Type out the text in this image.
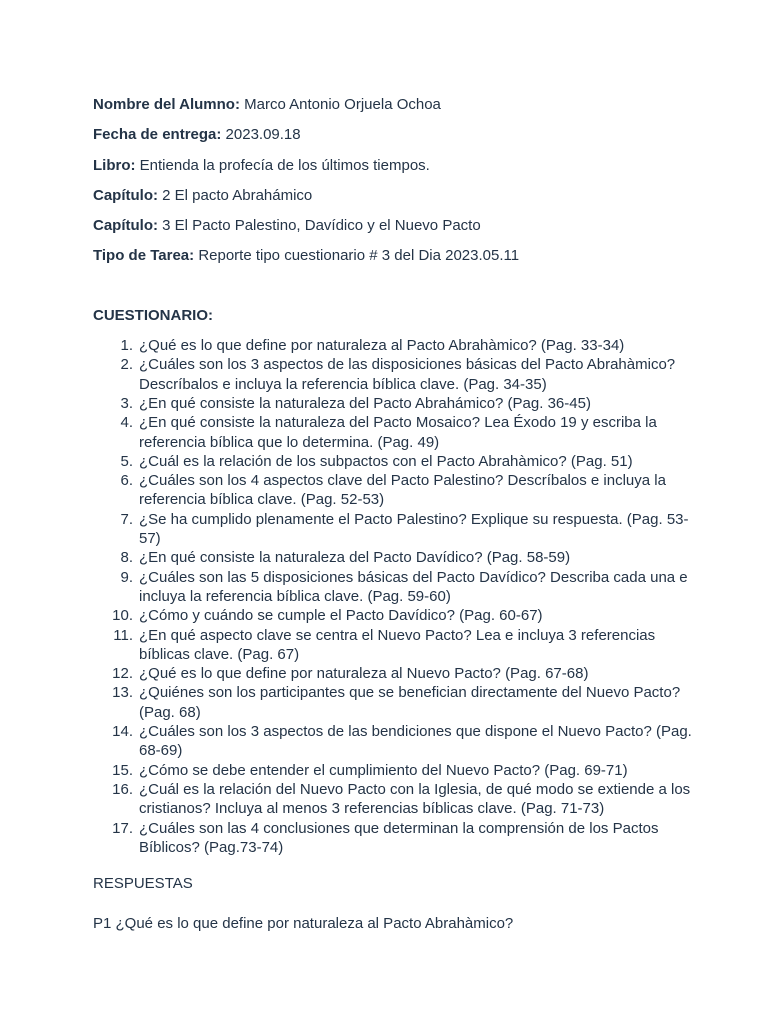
Nombre del Alumno: Marco Antonio Orjuela Ochoa
Fecha de entrega: 2023.09.18
Libro: Entienda la profecía de los últimos tiempos.
Capítulo: 2 El pacto Abrahámico
Capítulo: 3 El Pacto Palestino, Davídico y el Nuevo Pacto
Tipo de Tarea: Reporte tipo cuestionario # 3 del Dia 2023.05.11
CUESTIONARIO:
1. ¿Qué es lo que define por naturaleza al Pacto Abrahàmico? (Pag. 33-34)
2. ¿Cuáles son los 3 aspectos de las disposiciones básicas del Pacto Abrahàmico? Descríbalos e incluya la referencia bíblica clave. (Pag. 34-35)
3. ¿En qué consiste la naturaleza del Pacto Abrahámico? (Pag. 36-45)
4. ¿En qué consiste la naturaleza del Pacto Mosaico? Lea Éxodo 19 y escriba la referencia bíblica que lo determina. (Pag. 49)
5. ¿Cuál es la relación de los subpactos con el Pacto Abrahàmico? (Pag. 51)
6. ¿Cuáles son los 4 aspectos clave del Pacto Palestino? Descríbalos e incluya la referencia bíblica clave. (Pag. 52-53)
7. ¿Se ha cumplido plenamente el Pacto Palestino? Explique su respuesta. (Pag. 53-57)
8. ¿En qué consiste la naturaleza del Pacto Davídico? (Pag. 58-59)
9. ¿Cuáles son las 5 disposiciones básicas del Pacto Davídico? Describa cada una e incluya la referencia bíblica clave. (Pag. 59-60)
10. ¿Cómo y cuándo se cumple el Pacto Davídico? (Pag. 60-67)
11. ¿En qué aspecto clave se centra el Nuevo Pacto? Lea e incluya 3 referencias bíblicas clave. (Pag. 67)
12. ¿Qué es lo que define por naturaleza al Nuevo Pacto? (Pag. 67-68)
13. ¿Quiénes son los participantes que se benefician directamente del Nuevo Pacto? (Pag. 68)
14. ¿Cuáles son los 3 aspectos de las bendiciones que dispone el Nuevo Pacto? (Pag. 68-69)
15. ¿Cómo se debe entender el cumplimiento del Nuevo Pacto? (Pag. 69-71)
16. ¿Cuál es la relación del Nuevo Pacto con la Iglesia, de qué modo se extiende a los cristianos? Incluya al menos 3 referencias bíblicas clave. (Pag. 71-73)
17. ¿Cuáles son las 4 conclusiones que determinan la comprensión de los Pactos Bíblicos? (Pag.73-74)
RESPUESTAS
P1 ¿Qué es lo que define por naturaleza al Pacto Abrahàmico?
